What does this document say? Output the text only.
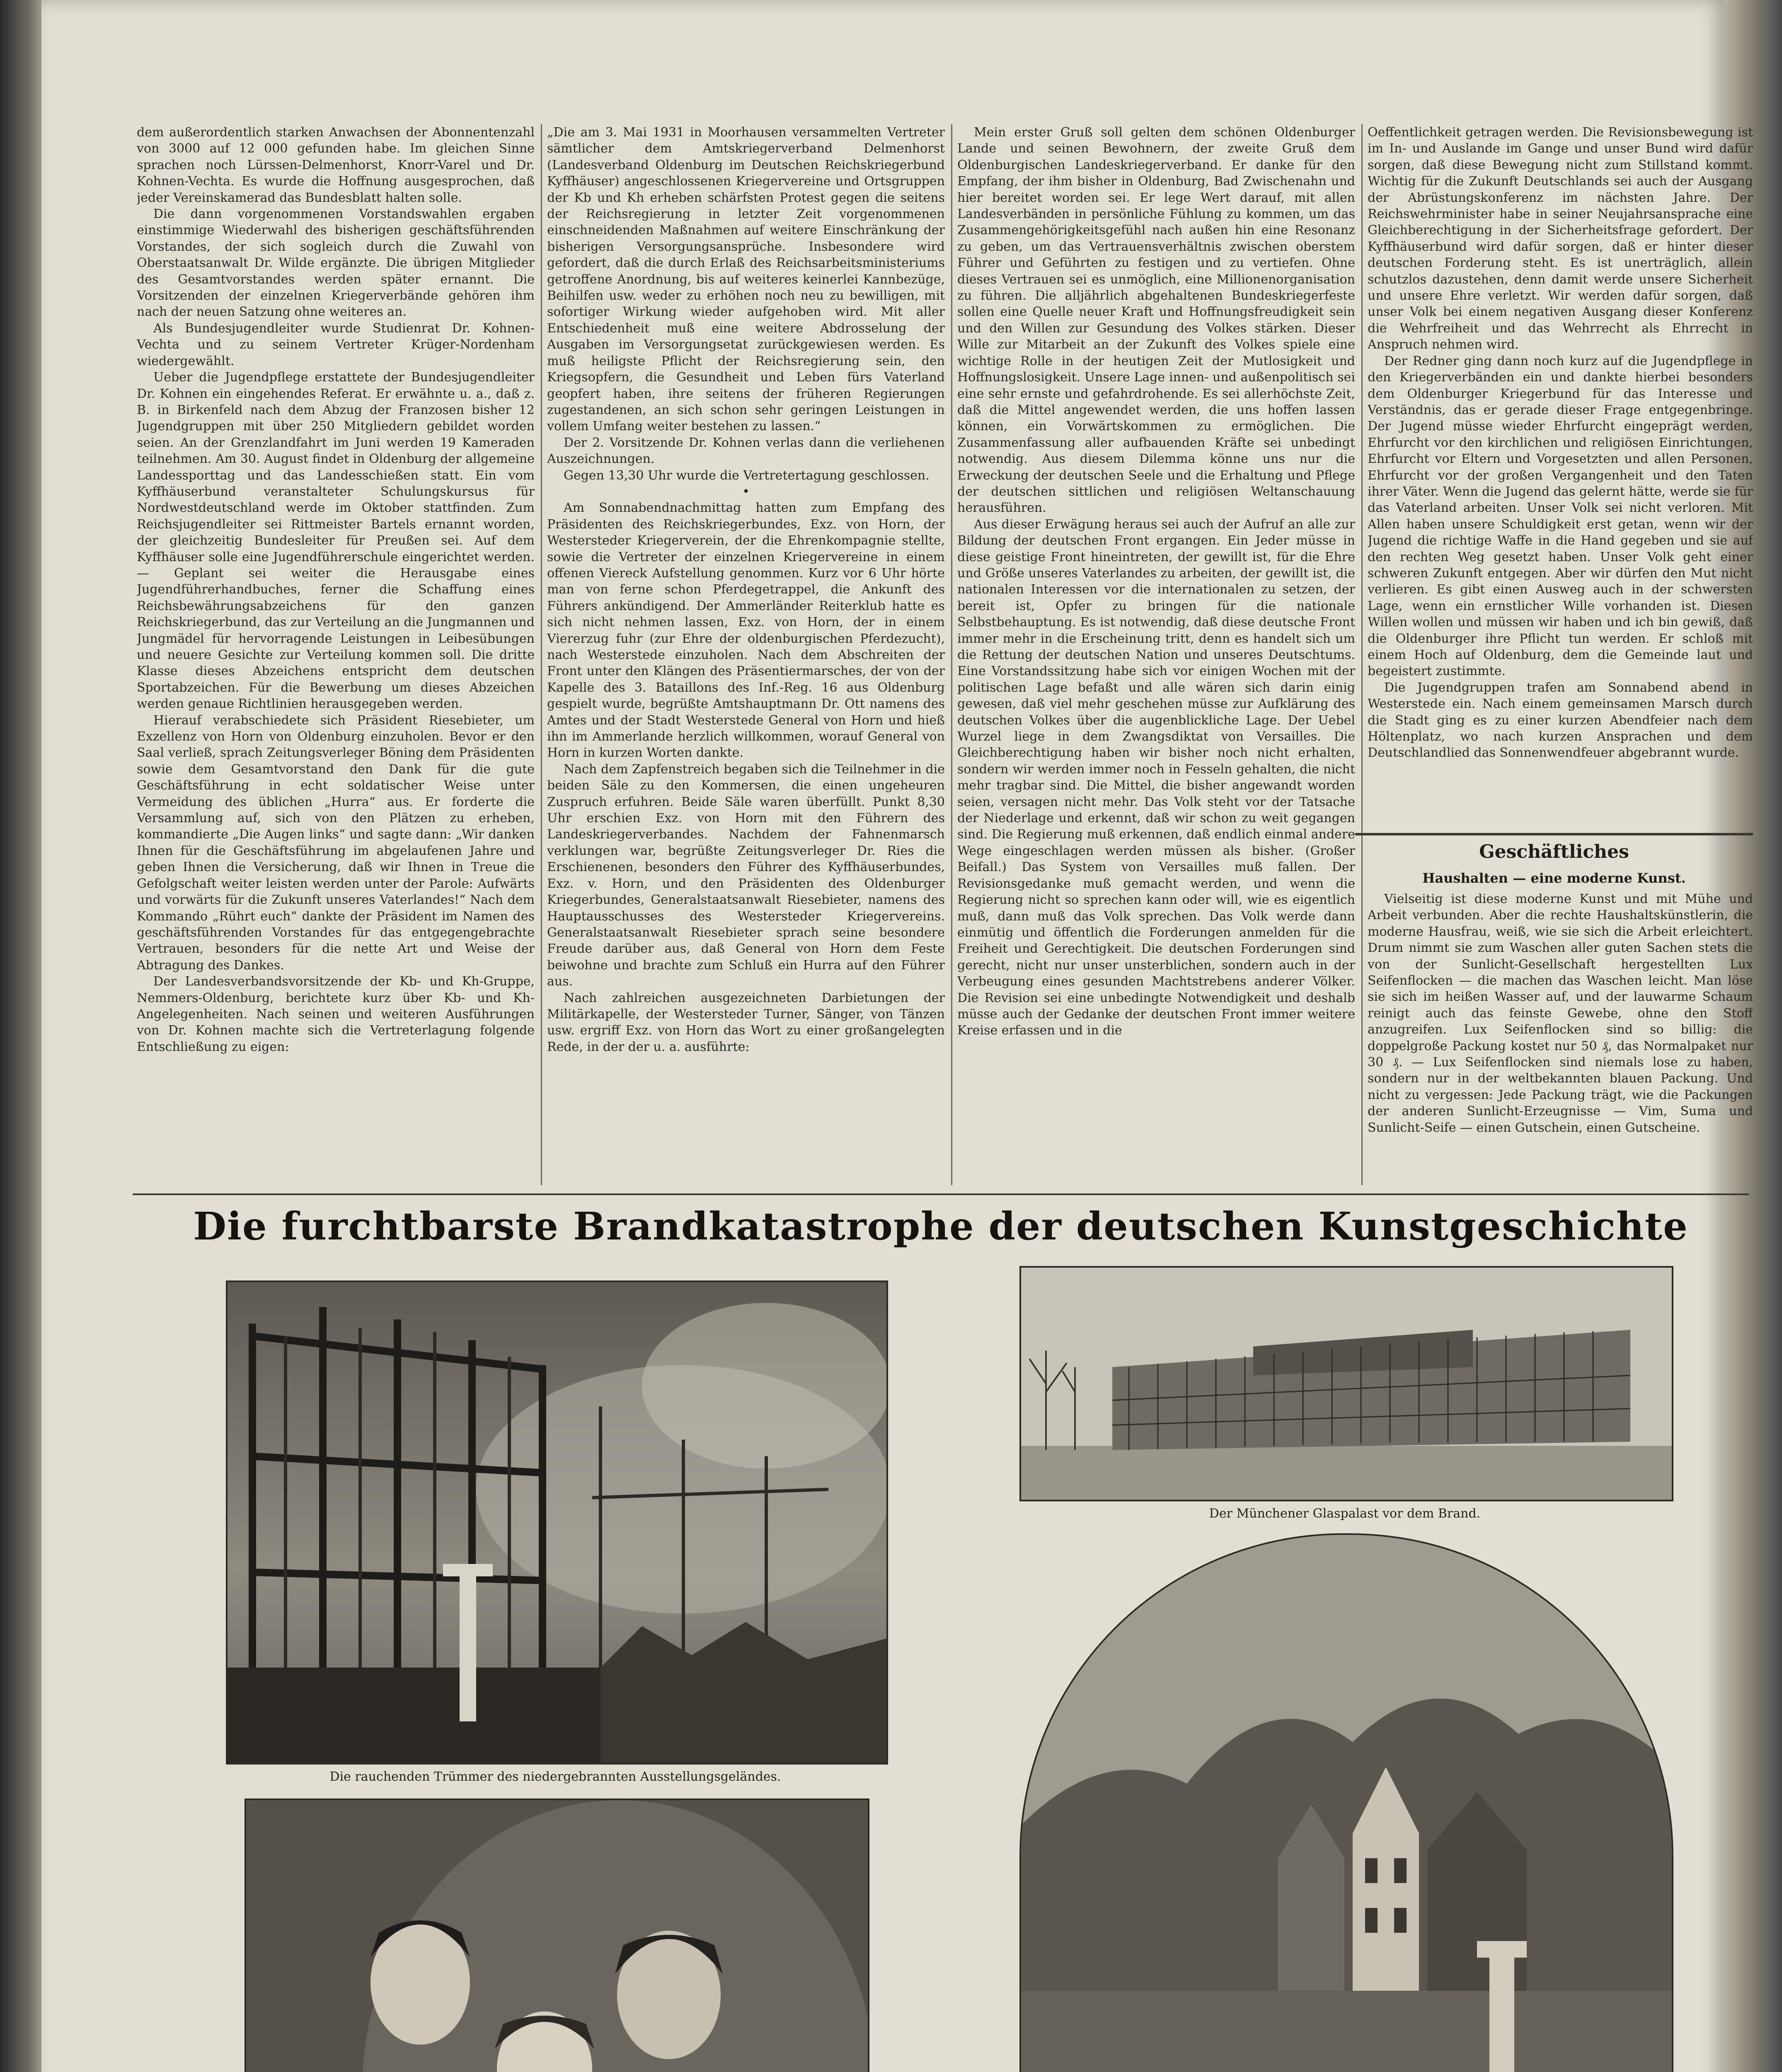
dem außerordentlich starken Anwachsen der Abonnentenzahl von 3000 auf 12 000 gefunden habe. Im gleichen Sinne sprachen noch Lürssen-Delmenhorst, Knorr-Varel und Dr. Kohnen-Vechta. Es wurde die Hoffnung ausgesprochen, daß jeder Vereinskamerad das Bundesblatt halten solle.

Die dann vorgenommenen Vorstandswahlen ergaben einstimmige Wiederwahl des bisherigen geschäftsführenden Vorstandes, der sich sogleich durch die Zuwahl von Oberstaatsanwalt Dr. Wilde ergänzte. Die übrigen Mitglieder des Gesamtvorstandes werden später ernannt. Die Vorsitzenden der einzelnen Kriegerverbände gehören ihm nach der neuen Satzung ohne weiteres an.

Als Bundesjugendleiter wurde Studienrat Dr. Kohnen-Vechta und zu seinem Vertreter Krüger-Nordenham wiedergewählt.

Ueber die Jugendpflege erstattete der Bundesjugendleiter Dr. Kohnen ein eingehendes Referat. Er erwähnte u. a., daß z. B. in Birkenfeld nach dem Abzug der Franzosen bisher 12 Jugendgruppen mit über 250 Mitgliedern gebildet worden seien. An der Grenzlandfahrt im Juni werden 19 Kameraden teilnehmen. Am 30. August findet in Oldenburg der allgemeine Landessporttag und das Landesschießen statt. Ein vom Kyffhäuserbund veranstalteter Schulungskursus für Nordwestdeutschland werde im Oktober stattfinden. Zum Reichsjugendleiter sei Rittmeister Bartels ernannt worden, der gleichzeitig Bundesleiter für Preußen sei. Auf dem Kyffhäuser solle eine Jugendführerschule eingerichtet werden. — Geplant sei weiter die Herausgabe eines Jugendführerhandbuches, ferner die Schaffung eines Reichsbewährungsabzeichens für den ganzen Reichskriegerbund, das zur Verteilung an die Jungmannen und Jungmädel für hervorragende Leistungen in Leibesübungen und neuere Gesichte zur Verteilung kommen soll. Die dritte Klasse dieses Abzeichens entspricht dem deutschen Sportabzeichen. Für die Bewerbung um dieses Abzeichen werden genaue Richtlinien herausgegeben werden.

Hierauf verabschiedete sich Präsident Riesebieter, um Exzellenz von Horn von Oldenburg einzuholen. Bevor er den Saal verließ, sprach Zeitungsverleger Böning dem Präsidenten sowie dem Gesamtvorstand den Dank für die gute Geschäftsführung in echt soldatischer Weise unter Vermeidung des üblichen „Hurra“ aus. Er forderte die Versammlung auf, sich von den Plätzen zu erheben, kommandierte „Die Augen links“ und sagte dann: „Wir danken Ihnen für die Geschäftsführung im abgelaufenen Jahre und geben Ihnen die Versicherung, daß wir Ihnen in Treue die Gefolgschaft weiter leisten werden unter der Parole: Aufwärts und vorwärts für die Zukunft unseres Vaterlandes!“ Nach dem Kommando „Rührt euch“ dankte der Präsident im Namen des geschäftsführenden Vorstandes für das entgegengebrachte Vertrauen, besonders für die nette Art und Weise der Abtragung des Dankes.

Der Landesverbandsvorsitzende der Kb- und Kh-Gruppe, Nemmers-Oldenburg, berichtete kurz über Kb- und Kh-Angelegenheiten. Nach seinen und weiteren Ausführungen von Dr. Kohnen machte sich die Vertreterlagung folgende Entschließung zu eigen:

„Die am 3. Mai 1931 in Moorhausen versammelten Vertreter sämtlicher dem Amtskriegerverband Delmenhorst (Landesverband Oldenburg im Deutschen Reichskriegerbund Kyffhäuser) angeschlossenen Kriegervereine und Ortsgruppen der Kb und Kh erheben schärfsten Protest gegen die seitens der Reichsregierung in letzter Zeit vorgenommenen einschneidenden Maßnahmen auf weitere Einschränkung der bisherigen Versorgungsansprüche. Insbesondere wird gefordert, daß die durch Erlaß des Reichsarbeitsministeriums getroffene Anordnung, bis auf weiteres keinerlei Kannbezüge, Beihilfen usw. weder zu erhöhen noch neu zu bewilligen, mit sofortiger Wirkung wieder aufgehoben wird. Mit aller Entschiedenheit muß eine weitere Abdrosselung der Ausgaben im Versorgungsetat zurückgewiesen werden. Es muß heiligste Pflicht der Reichsregierung sein, den Kriegsopfern, die Gesundheit und Leben fürs Vaterland geopfert haben, ihre seitens der früheren Regierungen zugestandenen, an sich schon sehr geringen Leistungen in vollem Umfang weiter bestehen zu lassen.“

Der 2. Vorsitzende Dr. Kohnen verlas dann die verliehenen Auszeichnungen.

Gegen 13,30 Uhr wurde die Vertretertagung geschlossen.

•

Am Sonnabendnachmittag hatten zum Empfang des Präsidenten des Reichskriegerbundes, Exz. von Horn, der Westersteder Kriegerverein, der die Ehrenkompagnie stellte, sowie die Vertreter der einzelnen Kriegervereine in einem offenen Viereck Aufstellung genommen. Kurz vor 6 Uhr hörte man von ferne schon Pferdegetrappel, die Ankunft des Führers ankündigend. Der Ammerländer Reiterklub hatte es sich nicht nehmen lassen, Exz. von Horn, der in einem Viererzug fuhr (zur Ehre der oldenburgischen Pferdezucht), nach Westerstede einzuholen. Nach dem Abschreiten der Front unter den Klängen des Präsentiermarsches, der von der Kapelle des 3. Bataillons des Inf.-Reg. 16 aus Oldenburg gespielt wurde, begrüßte Amtshauptmann Dr. Ott namens des Amtes und der Stadt Westerstede General von Horn und hieß ihn im Ammerlande herzlich willkommen, worauf General von Horn in kurzen Worten dankte.

Nach dem Zapfenstreich begaben sich die Teilnehmer in die beiden Säle zu den Kommersen, die einen ungeheuren Zuspruch erfuhren. Beide Säle waren überfüllt. Punkt 8,30 Uhr erschien Exz. von Horn mit den Führern des Landeskriegerverbandes. Nachdem der Fahnenmarsch verklungen war, begrüßte Zeitungsverleger Dr. Ries die Erschienenen, besonders den Führer des Kyffhäuserbundes, Exz. v. Horn, und den Präsidenten des Oldenburger Kriegerbundes, Generalstaatsanwalt Riesebieter, namens des Hauptausschusses des Westersteder Kriegervereins. Generalstaatsanwalt Riesebieter sprach seine besondere Freude darüber aus, daß General von Horn dem Feste beiwohne und brachte zum Schluß ein Hurra auf den Führer aus.

Nach zahlreichen ausgezeichneten Darbietungen der Militärkapelle, der Westersteder Turner, Sänger, von Tänzen usw. ergriff Exz. von Horn das Wort zu einer großangelegten Rede, in der der u. a. ausführte:

Mein erster Gruß soll gelten dem schönen Oldenburger Lande und seinen Bewohnern, der zweite Gruß dem Oldenburgischen Landeskriegerverband. Er danke für den Empfang, der ihm bisher in Oldenburg, Bad Zwischenahn und hier bereitet worden sei. Er lege Wert darauf, mit allen Landesverbänden in persönliche Fühlung zu kommen, um das Zusammengehörigkeitsgefühl nach außen hin eine Resonanz zu geben, um das Vertrauensverhältnis zwischen oberstem Führer und Geführten zu festigen und zu vertiefen. Ohne dieses Vertrauen sei es unmöglich, eine Millionenorganisation zu führen. Die alljährlich abgehaltenen Bundeskriegerfeste sollen eine Quelle neuer Kraft und Hoffnungsfreudigkeit sein und den Willen zur Gesundung des Volkes stärken. Dieser Wille zur Mitarbeit an der Zukunft des Volkes spiele eine wichtige Rolle in der heutigen Zeit der Mutlosigkeit und Hoffnungslosigkeit. Unsere Lage innen- und außenpolitisch sei eine sehr ernste und gefahrdrohende. Es sei allerhöchste Zeit, daß die Mittel angewendet werden, die uns hoffen lassen können, ein Vorwärtskommen zu ermöglichen. Die Zusammenfassung aller aufbauenden Kräfte sei unbedingt notwendig. Aus diesem Dilemma könne uns nur die Erweckung der deutschen Seele und die Erhaltung und Pflege der deutschen sittlichen und religiösen Weltanschauung herausführen.

Aus dieser Erwägung heraus sei auch der Aufruf an alle zur Bildung der deutschen Front ergangen. Ein Jeder müsse in diese geistige Front hineintreten, der gewillt ist, für die Ehre und Größe unseres Vaterlandes zu arbeiten, der gewillt ist, die nationalen Interessen vor die internationalen zu setzen, der bereit ist, Opfer zu bringen für die nationale Selbstbehauptung. Es ist notwendig, daß diese deutsche Front immer mehr in die Erscheinung tritt, denn es handelt sich um die Rettung der deutschen Nation und unseres Deutschtums. Eine Vorstandssitzung habe sich vor einigen Wochen mit der politischen Lage befaßt und alle wären sich darin einig gewesen, daß viel mehr geschehen müsse zur Aufklärung des deutschen Volkes über die augenblickliche Lage. Der Uebel Wurzel liege in dem Zwangsdiktat von Versailles. Die Gleichberechtigung haben wir bisher noch nicht erhalten, sondern wir werden immer noch in Fesseln gehalten, die nicht mehr tragbar sind. Die Mittel, die bisher angewandt worden seien, versagen nicht mehr. Das Volk steht vor der Tatsache der Niederlage und erkennt, daß wir schon zu weit gegangen sind. Die Regierung muß erkennen, daß endlich einmal andere Wege eingeschlagen werden müssen als bisher. (Großer Beifall.) Das System von Versailles muß fallen. Der Revisionsgedanke muß gemacht werden, und wenn die Regierung nicht so sprechen kann oder will, wie es eigentlich muß, dann muß das Volk sprechen. Das Volk werde dann einmütig und öffentlich die Forderungen anmelden für die Freiheit und Gerechtigkeit. Die deutschen Forderungen sind gerecht, nicht nur unser unsterblichen, sondern auch in der Verbeugung eines gesunden Machtstrebens anderer Völker. Die Revision sei eine unbedingte Notwendigkeit und deshalb müsse auch der Gedanke der deutschen Front immer weitere Kreise erfassen und in die

Oeffentlichkeit getragen werden. Die Revisionsbewegung ist im In- und Auslande im Gange und unser Bund wird dafür sorgen, daß diese Bewegung nicht zum Stillstand kommt. Wichtig für die Zukunft Deutschlands sei auch der Ausgang der Abrüstungskonferenz im nächsten Jahre. Der Reichswehrminister habe in seiner Neujahrsansprache eine Gleichberechtigung in der Sicherheitsfrage gefordert. Der Kyffhäuserbund wird dafür sorgen, daß er hinter dieser deutschen Forderung steht. Es ist unerträglich, allein schutzlos dazustehen, denn damit werde unsere Sicherheit und unsere Ehre verletzt. Wir werden dafür sorgen, daß unser Volk bei einem negativen Ausgang dieser Konferenz die Wehrfreiheit und das Wehrrecht als Ehrrecht in Anspruch nehmen wird.

Der Redner ging dann noch kurz auf die Jugendpflege in den Kriegerverbänden ein und dankte hierbei besonders dem Oldenburger Kriegerbund für das Interesse und Verständnis, das er gerade dieser Frage entgegenbringe. Der Jugend müsse wieder Ehrfurcht eingeprägt werden, Ehrfurcht vor den kirchlichen und religiösen Einrichtungen, Ehrfurcht vor Eltern und Vorgesetzten und allen Personen, Ehrfurcht vor der großen Vergangenheit und den Taten ihrer Väter. Wenn die Jugend das gelernt hätte, werde sie für das Vaterland arbeiten. Unser Volk sei nicht verloren. Mit Allen haben unsere Schuldigkeit erst getan, wenn wir der Jugend die richtige Waffe in die Hand gegeben und sie auf den rechten Weg gesetzt haben. Unser Volk geht einer schweren Zukunft entgegen. Aber wir dürfen den Mut nicht verlieren. Es gibt einen Ausweg auch in der schwersten Lage, wenn ein ernstlicher Wille vorhanden ist. Diesen Willen wollen und müssen wir haben und ich bin gewiß, daß die Oldenburger ihre Pflicht tun werden. Er schloß mit einem Hoch auf Oldenburg, dem die Gemeinde laut und begeistert zustimmte.

Die Jugendgruppen trafen am Sonnabend abend in Westerstede ein. Nach einem gemeinsamen Marsch durch die Stadt ging es zu einer kurzen Abendfeier nach dem Höltenplatz, wo nach kurzen Ansprachen und dem Deutschlandlied das Sonnenwendfeuer abgebrannt wurde.

Geschäftliches
Haushalten — eine moderne Kunst.

Vielseitig ist diese moderne Kunst und mit Mühe und Arbeit verbunden. Aber die rechte Haushaltskünstlerin, die moderne Hausfrau, weiß, wie sie sich die Arbeit erleichtert. Drum nimmt sie zum Waschen aller guten Sachen stets die von der Sunlicht-Gesellschaft hergestellten Lux Seifenflocken — die machen das Waschen leicht. Man löse sie sich im heißen Wasser auf, und der lauwarme Schaum reinigt auch das feinste Gewebe, ohne den Stoff anzugreifen. Lux Seifenflocken sind so billig: die doppelgroße Packung kostet nur 50 ₰, das Normalpaket nur 30 ₰. — Lux Seifenflocken sind niemals lose zu haben, sondern nur in der weltbekannten blauen Packung. Und nicht zu vergessen: Jede Packung trägt, wie die Packungen der anderen Sunlicht-Erzeugnisse — Vim, Suma und Sunlicht-Seife — einen Gutschein, einen Gutscheine.

Die furchtbarste Brandkatastrophe der deutschen Kunstgeschichte
Die rauchenden Trümmer des niedergebrannten Ausstellungsgeländes.
Der Münchener Glaspalast vor dem Brand.
